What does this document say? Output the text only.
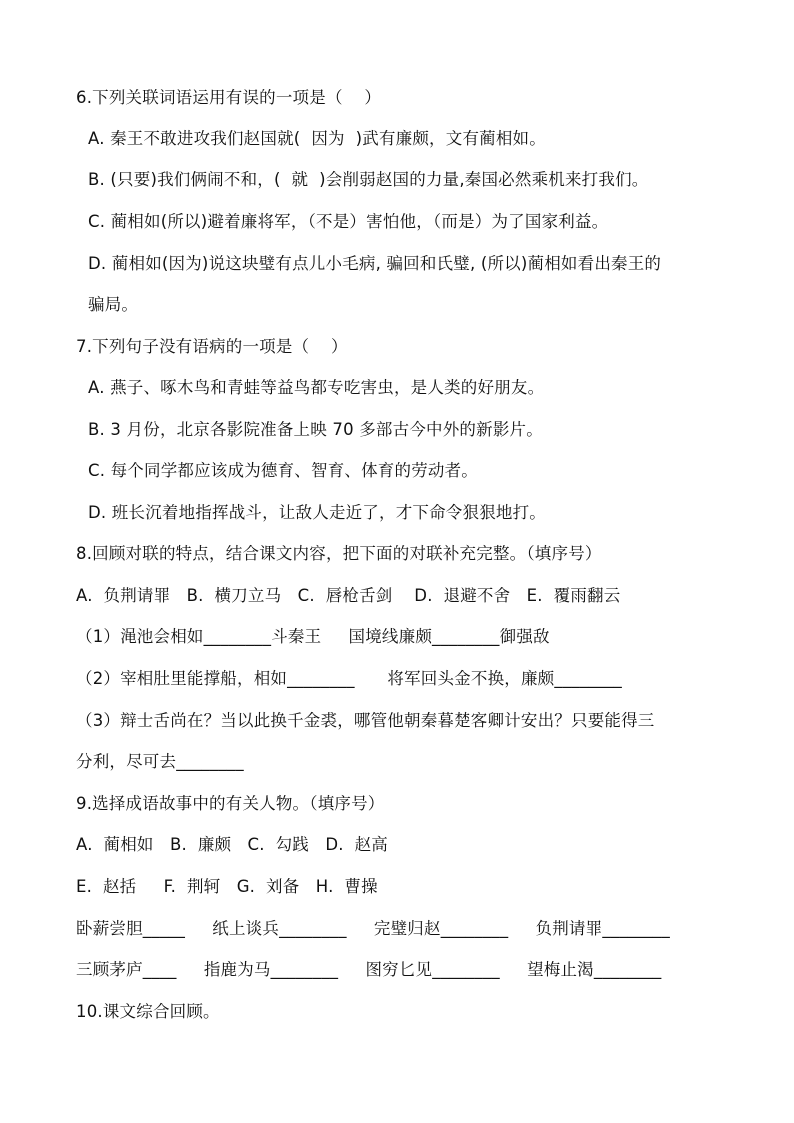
6.下列关联词语运用有误的一项是（    ）
A. 秦王不敢进攻我们赵国就(  因为  )武有廉颇，文有蔺相如。
B. (只要)我们俩闹不和，(  就  )会削弱赵国的力量,秦国必然乘机来打我们。
C. 蔺相如(所以)避着廉将军，（不是）害怕他，（而是）为了国家利益。
D. 蔺相如(因为)说这块璧有点儿小毛病, 骗回和氏璧, (所以)蔺相如看出秦王的
骗局。
7.下列句子没有语病的一项是（    ）
A. 燕子、啄木鸟和青蛙等益鸟都专吃害虫，是人类的好朋友。
B. 3 月份，北京各影院准备上映 70 多部古今中外的新影片。
C. 每个同学都应该成为德育、智育、体育的劳动者。
D. 班长沉着地指挥战斗，让敌人走近了，才下命令狠狠地打。
8.回顾对联的特点，结合课文内容，把下面的对联补充完整。（填序号）
A.  负荆请罪   B.  横刀立马   C.  唇枪舌剑    D.  退避不舍   E.  覆雨翻云
（1）渑池会相如________斗秦王     国境线廉颇________御强敌
（2）宰相肚里能撑船，相如________      将军回头金不换，廉颇________
（3）辩士舌尚在？当以此换千金裘，哪管他朝秦暮楚客卿计安出？只要能得三
分利，尽可去________
9.选择成语故事中的有关人物。（填序号）
A.  蔺相如   B.  廉颇   C.  勾践   D.  赵高
E.  赵括     F.  荆轲   G.  刘备   H.  曹操
卧薪尝胆_____     纸上谈兵________     完璧归赵________     负荆请罪________
三顾茅庐____     指鹿为马________     图穷匕见________     望梅止渴________
10.课文综合回顾。
